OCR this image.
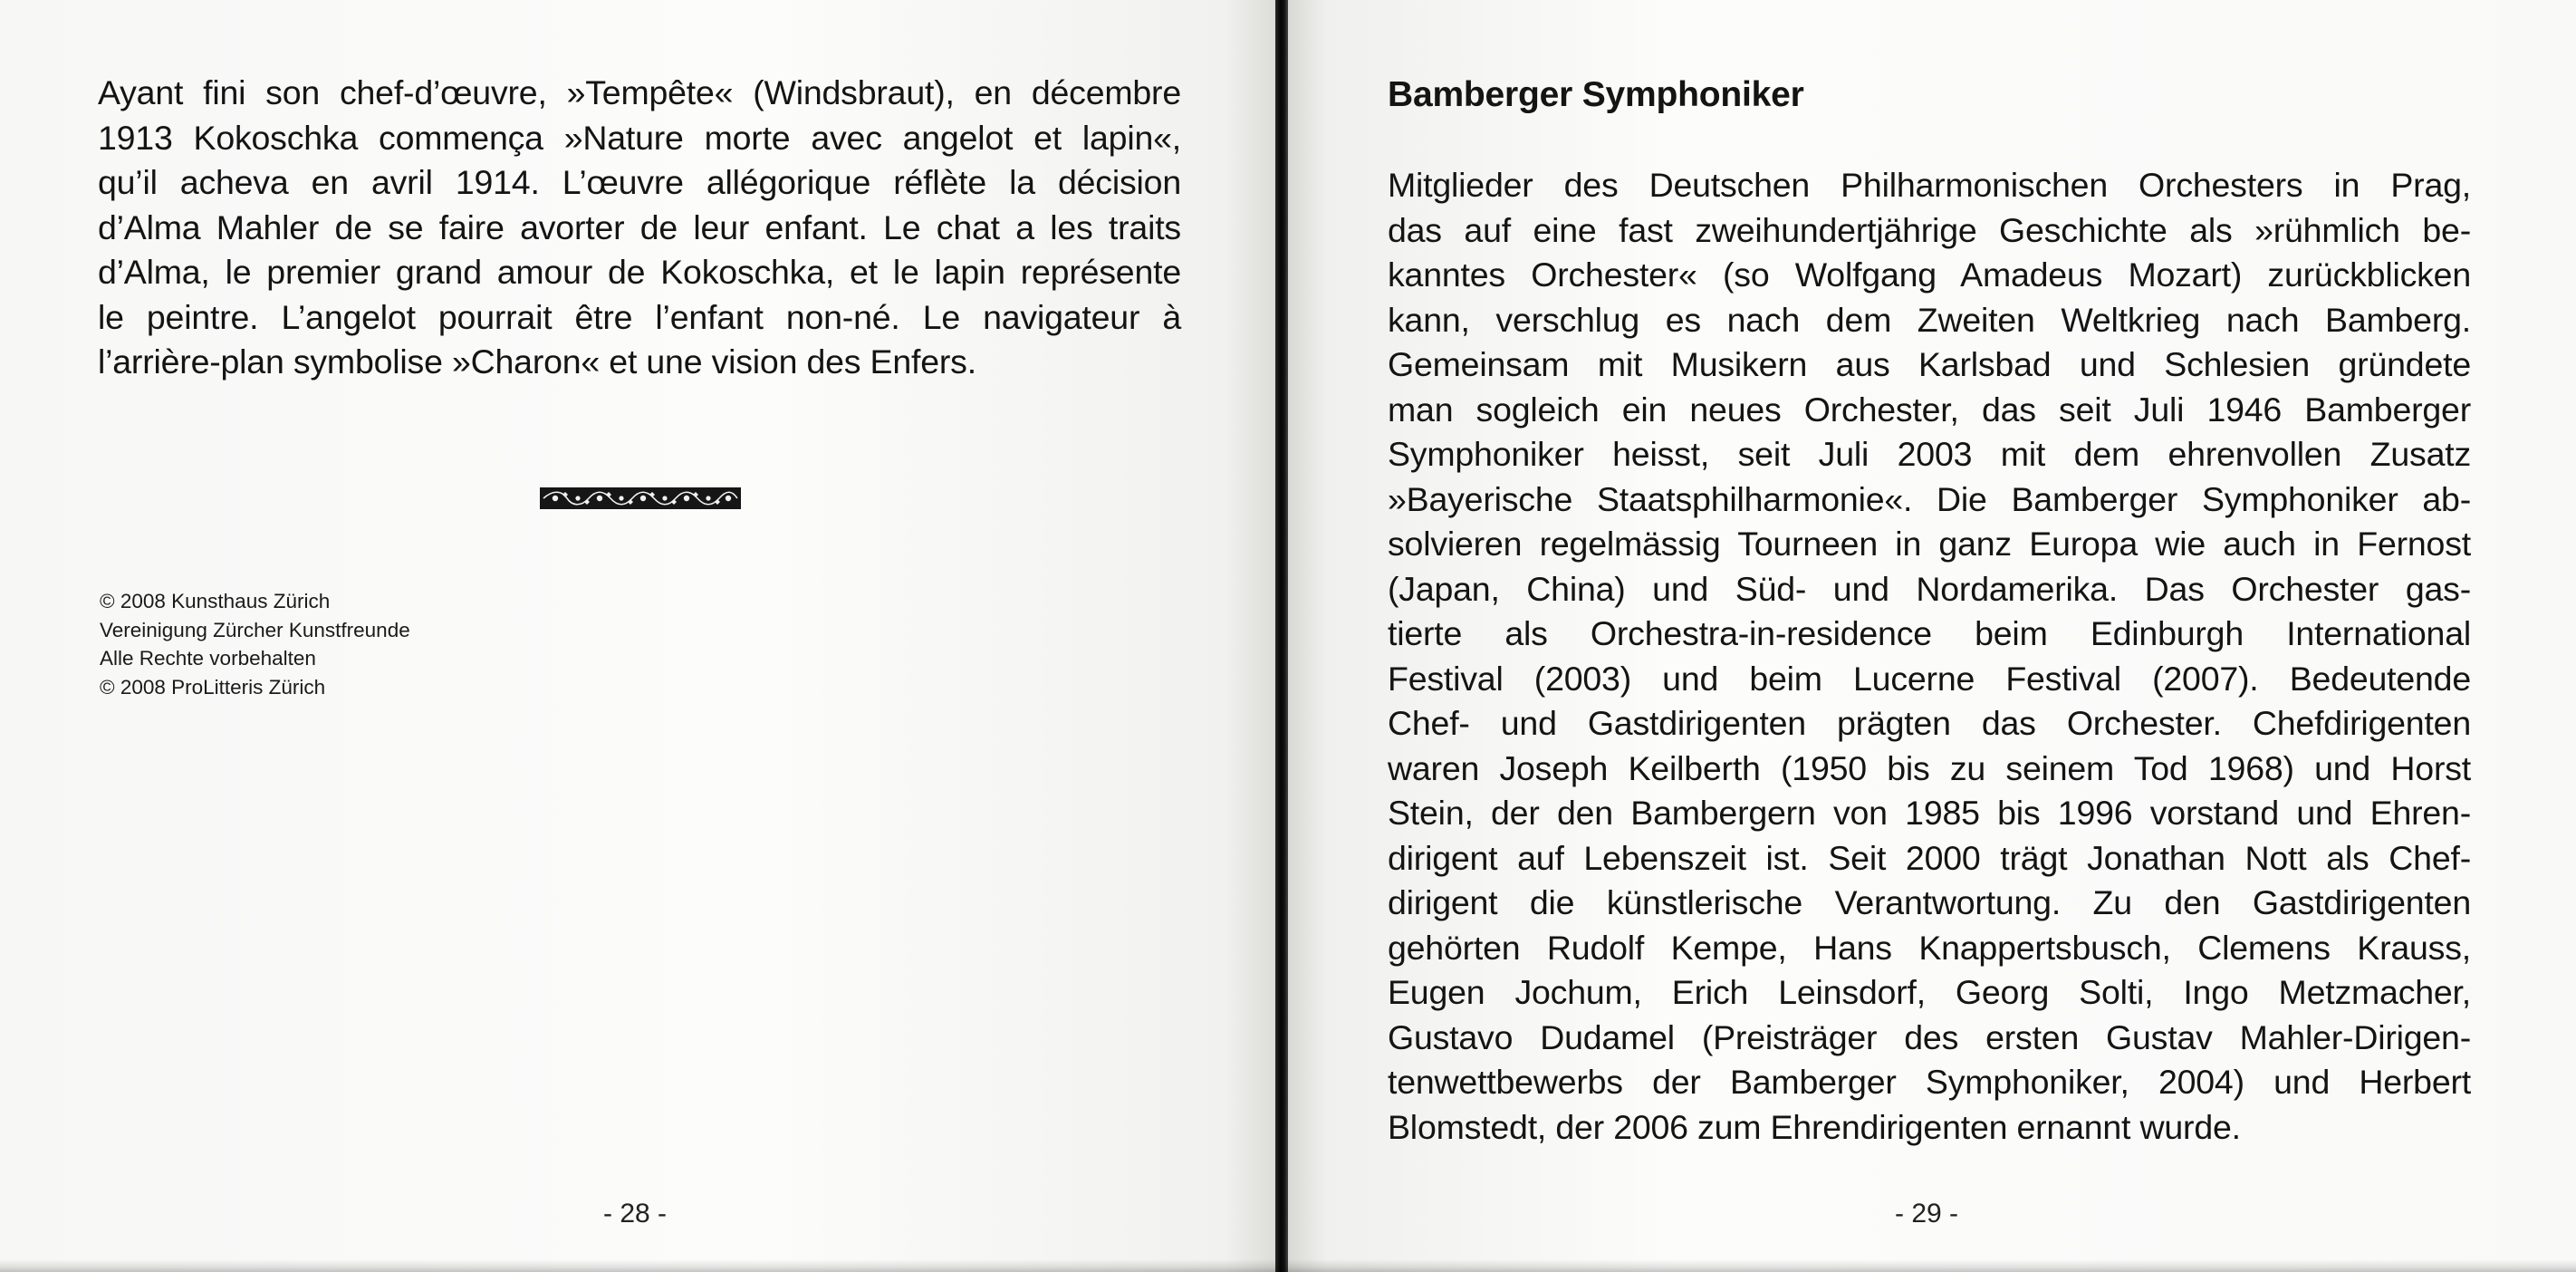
Ayant fini son chef-d’œuvre, »Tempête« (Windsbraut), en décembre
1913 Kokoschka commença »Nature morte avec angelot et lapin«,
qu’il acheva en avril 1914. L’œuvre allégorique réflète la décision
d’Alma Mahler de se faire avorter de leur enfant. Le chat a les traits
d’Alma, le premier grand amour de Kokoschka, et le lapin représente
le peintre. L’angelot pourrait être l’enfant non-né. Le navigateur à
l’arrière-plan symbolise »Charon« et une vision des Enfers.

© 2008 Kunsthaus Zürich
Vereinigung Zürcher Kunstfreunde
Alle Rechte vorbehalten
© 2008 ProLitteris Zürich
- 28 -
Bamberger Symphoniker

Mitglieder des Deutschen Philharmonischen Orchesters in Prag,
das auf eine fast zweihundertjährige Geschichte als »rühmlich be-
kanntes Orchester« (so Wolfgang Amadeus Mozart) zurückblicken
kann, verschlug es nach dem Zweiten Weltkrieg nach Bamberg.
Gemeinsam mit Musikern aus Karlsbad und Schlesien gründete
man sogleich ein neues Orchester, das seit Juli 1946 Bamberger
Symphoniker heisst, seit Juli 2003 mit dem ehrenvollen Zusatz
»Bayerische Staatsphilharmonie«. Die Bamberger Symphoniker ab-
solvieren regelmässig Tourneen in ganz Europa wie auch in Fernost
(Japan, China) und Süd- und Nordamerika. Das Orchester gas-
tierte als Orchestra-in-residence beim Edinburgh International
Festival (2003) und beim Lucerne Festival (2007). Bedeutende
Chef- und Gastdirigenten prägten das Orchester. Chefdirigenten
waren Joseph Keilberth (1950 bis zu seinem Tod 1968) und Horst
Stein, der den Bambergern von 1985 bis 1996 vorstand und Ehren-
dirigent auf Lebenszeit ist. Seit 2000 trägt Jonathan Nott als Chef-
dirigent die künstlerische Verantwortung. Zu den Gastdirigenten
gehörten Rudolf Kempe, Hans Knappertsbusch, Clemens Krauss,
Eugen Jochum, Erich Leinsdorf, Georg Solti, Ingo Metzmacher,
Gustavo Dudamel (Preisträger des ersten Gustav Mahler-Dirigen-
tenwettbewerbs der Bamberger Symphoniker, 2004) und Herbert
Blomstedt, der 2006 zum Ehrendirigenten ernannt wurde.

- 29 -
